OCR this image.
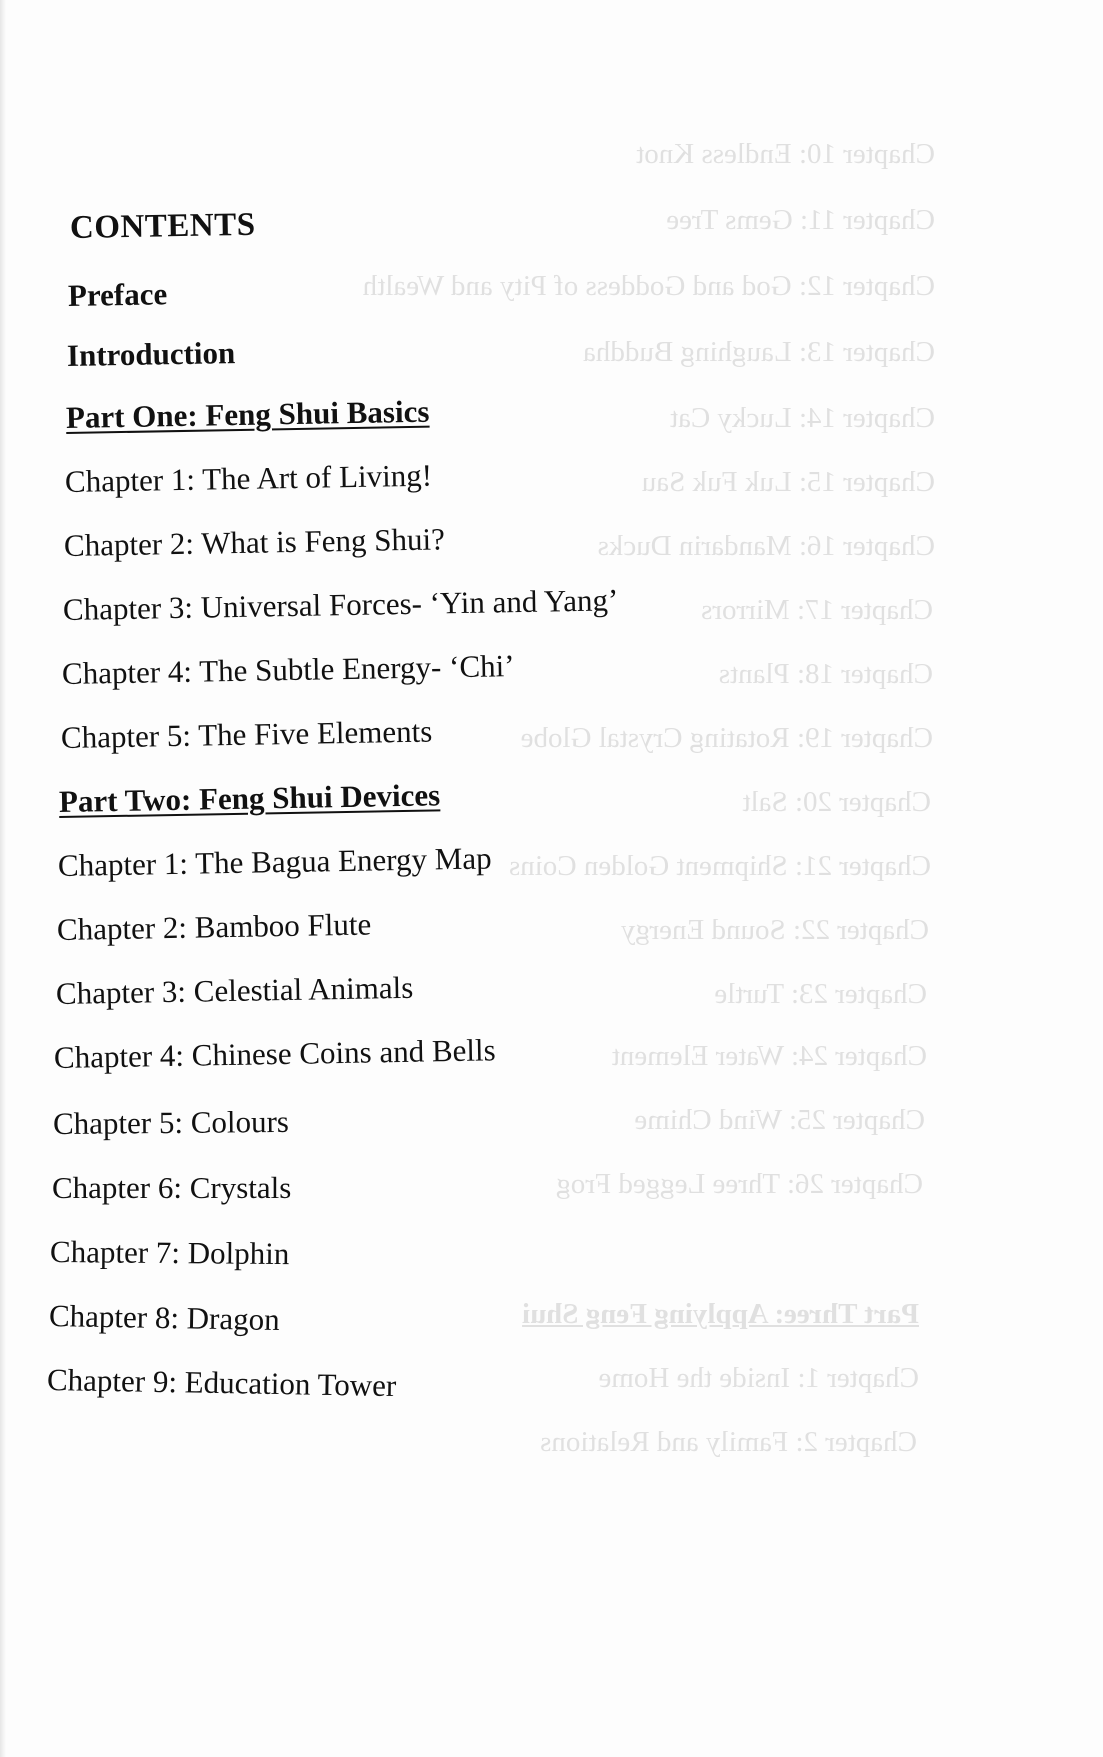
Chapter 10: Endless Knot
Chapter 11: Gems Tree
Chapter 12: God and Goddess of Pity and Wealth
Chapter 13: Laughing Buddha
Chapter 14: Lucky Cat
Chapter 15: Luk Fuk Sau
Chapter 16: Mandarin Ducks
Chapter 17: Mirrors
Chapter 18: Plants
Chapter 19: Rotating Crystal Globe
Chapter 20: Salt
Chapter 21: Shipment Golden Coins
Chapter 22: Sound Energy
Chapter 23: Turtle
Chapter 24: Water Element
Chapter 25: Wind Chime
Chapter 26: Three Legged Frog
Part Three: Applying Feng Shui
Chapter 1: Inside the Home
Chapter 2: Family and Relations
CONTENTS
Preface
Introduction
Part One: Feng Shui Basics
Chapter 1: The Art of Living!
Chapter 2: What is Feng Shui?
Chapter 3: Universal Forces- ‘Yin and Yang’
Chapter 4: The Subtle Energy- ‘Chi’
Chapter 5: The Five Elements
Part Two: Feng Shui Devices
Chapter 1: The Bagua Energy Map
Chapter 2: Bamboo Flute
Chapter 3: Celestial Animals
Chapter 4: Chinese Coins and Bells
Chapter 5: Colours
Chapter 6: Crystals
Chapter 7: Dolphin
Chapter 8: Dragon
Chapter 9: Education Tower
